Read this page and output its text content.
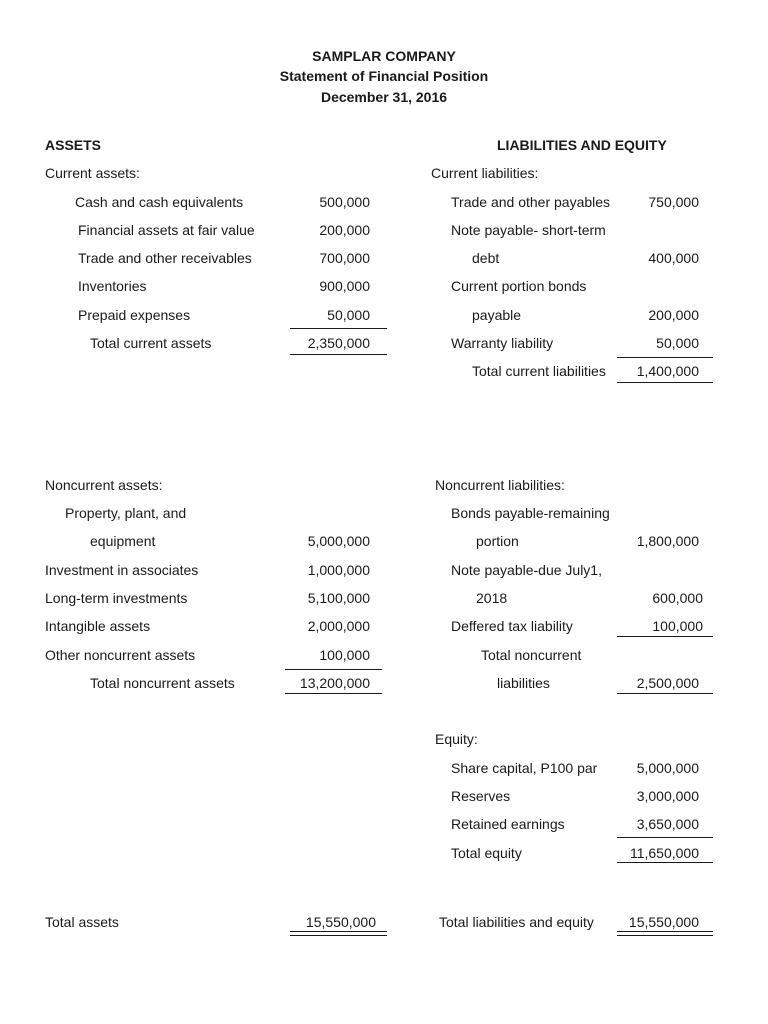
SAMPLAR COMPANY
Statement of Financial Position
December 31, 2016
ASSETS
Current assets:
Cash and cash equivalents	500,000
Financial assets at fair value	200,000
Trade and other receivables	700,000
Inventories	900,000
Prepaid expenses	50,000
Total current assets	2,350,000
Noncurrent assets:
Property, plant, and
equipment	5,000,000
Investment in associates	1,000,000
Long-term investments	5,100,000
Intangible assets	2,000,000
Other noncurrent assets	100,000
Total noncurrent assets	13,200,000
Total assets	15,550,000
LIABILITIES AND EQUITY
Current liabilities:
Trade and other payables	750,000
Note payable- short-term
debt	400,000
Current portion bonds
payable	200,000
Warranty liability	50,000
Total current liabilities	1,400,000
Noncurrent liabilities:
Bonds payable-remaining
portion	1,800,000
Note payable-due July1,
2018	600,000
Deffered tax liability	100,000
Total noncurrent
liabilities	2,500,000
Equity:
Share capital, P100 par	5,000,000
Reserves	3,000,000
Retained earnings	3,650,000
Total equity	11,650,000
Total liabilities and equity	15,550,000
